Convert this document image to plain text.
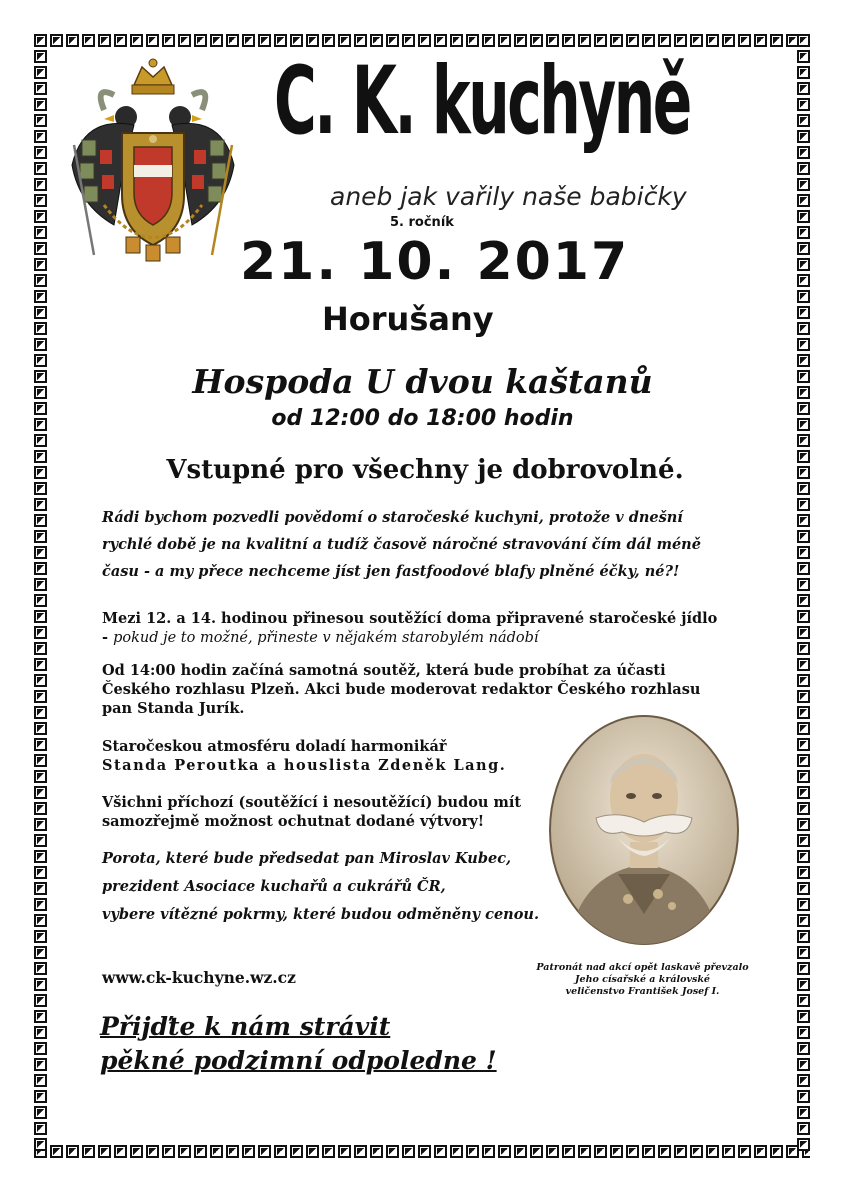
C. K. kuchyně
aneb jak vařily naše babičky
5. ročník
21. 10. 2017
Horušany
Hospoda U dvou kaštanů
od 12:00 do 18:00 hodin
Vstupné pro všechny je dobrovolné.
Rádi bychom pozvedli povědomí o staročeské kuchyni, protože v dnešní
rychlé době je na kvalitní a tudíž časově náročné stravování čím dál méně
času - a my přece nechceme jíst jen fastfoodové blafy plněné éčky, né?!
Mezi 12. a 14. hodinou přinesou soutěžící doma připravené staročeské jídlo
- pokud je to možné, přineste v nějakém starobylém nádobí
Od 14:00 hodin začíná samotná soutěž, která bude probíhat za účasti
Českého rozhlasu Plzeň. Akci bude moderovat redaktor Českého rozhlasu
pan Standa Jurík.
Staročeskou atmosféru doladí harmonikář
Standa Peroutka a houslista Zdeněk Lang.
Všichni příchozí (soutěžící i nesoutěžící) budou mít
samozřejmě možnost ochutnat dodané výtvory!
Porota, které bude předsedat pan Miroslav Kubec,
prezident Asociace kuchařů a cukrářů ČR,
vybere vítězné pokrmy, které budou odměněny cenou.
Patronát nad akcí opět laskavě převzalo
Jeho císařské a královské
veličenstvo František Josef I.
www.ck-kuchyne.wz.cz
Přijďte k nám strávit
pěkné podzimní odpoledne !
